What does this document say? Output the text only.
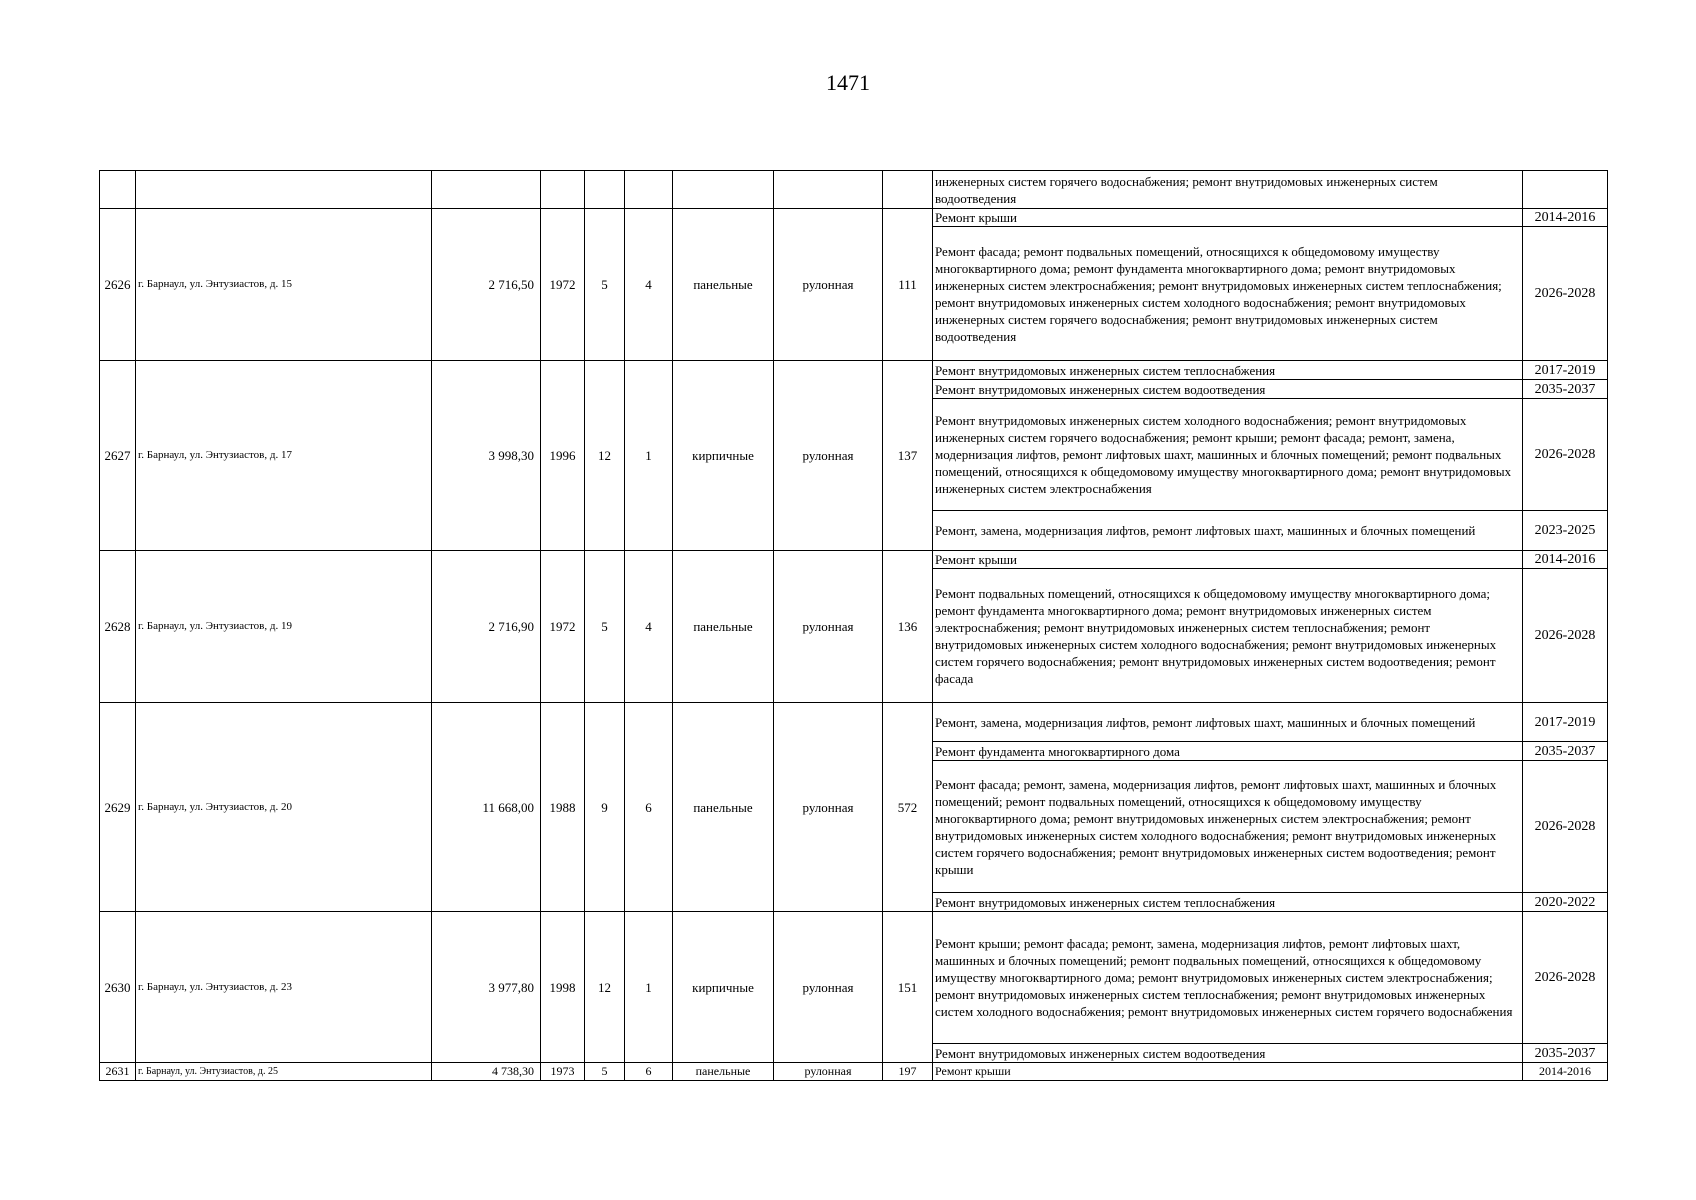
1471
									инженерных систем горячего водоснабжения; ремонт внутридомовых инженерных систем водоотведения	
2626	г. Барнаул, ул. Энтузиастов, д. 15	2 716,50	1972	5	4	панельные	рулонная	111	Ремонт крыши	2014-2016
									Ремонт фасада; ремонт подвальных помещений, относящихся к общедомовому имуществу многоквартирного дома; ремонт фундамента многоквартирного дома; ремонт внутридомовых инженерных систем электроснабжения; ремонт внутридомовых инженерных систем теплоснабжения; ремонт внутридомовых инженерных систем холодного водоснабжения; ремонт внутридомовых инженерных систем горячего водоснабжения; ремонт внутридомовых инженерных систем водоотведения	2026-2028
2627	г. Барнаул, ул. Энтузиастов, д. 17	3 998,30	1996	12	1	кирпичные	рулонная	137	Ремонт внутридомовых инженерных систем теплоснабжения	2017-2019
									Ремонт внутридомовых инженерных систем водоотведения	2035-2037
									Ремонт внутридомовых инженерных систем холодного водоснабжения; ремонт внутридомовых инженерных систем горячего водоснабжения; ремонт крыши; ремонт фасада; ремонт, замена, модернизация лифтов, ремонт лифтовых шахт, машинных и блочных помещений; ремонт подвальных помещений, относящихся к общедомовому имуществу многоквартирного дома; ремонт внутридомовых инженерных систем электроснабжения	2026-2028
									Ремонт, замена, модернизация лифтов, ремонт лифтовых шахт, машинных и блочных помещений	2023-2025
2628	г. Барнаул, ул. Энтузиастов, д. 19	2 716,90	1972	5	4	панельные	рулонная	136	Ремонт крыши	2014-2016
									Ремонт подвальных помещений, относящихся к общедомовому имуществу многоквартирного дома; ремонт фундамента многоквартирного дома; ремонт внутридомовых инженерных систем электроснабжения; ремонт внутридомовых инженерных систем теплоснабжения; ремонт внутридомовых инженерных систем холодного водоснабжения; ремонт внутридомовых инженерных систем горячего водоснабжения; ремонт внутридомовых инженерных систем водоотведения; ремонт фасада	2026-2028
2629	г. Барнаул, ул. Энтузиастов, д. 20	11 668,00	1988	9	6	панельные	рулонная	572	Ремонт, замена, модернизация лифтов, ремонт лифтовых шахт, машинных и блочных помещений	2017-2019
									Ремонт фундамента многоквартирного дома	2035-2037
									Ремонт фасада; ремонт, замена, модернизация лифтов, ремонт лифтовых шахт, машинных и блочных помещений; ремонт подвальных помещений, относящихся к общедомовому имуществу многоквартирного дома; ремонт внутридомовых инженерных систем электроснабжения; ремонт внутридомовых инженерных систем холодного водоснабжения; ремонт внутридомовых инженерных систем горячего водоснабжения; ремонт внутридомовых инженерных систем водоотведения; ремонт крыши	2026-2028
									Ремонт внутридомовых инженерных систем теплоснабжения	2020-2022
2630	г. Барнаул, ул. Энтузиастов, д. 23	3 977,80	1998	12	1	кирпичные	рулонная	151	Ремонт крыши; ремонт фасада; ремонт, замена, модернизация лифтов, ремонт лифтовых шахт, машинных и блочных помещений; ремонт подвальных помещений, относящихся к общедомовому имуществу многоквартирного дома; ремонт внутридомовых инженерных систем электроснабжения; ремонт внутридомовых инженерных систем теплоснабжения; ремонт внутридомовых инженерных систем холодного водоснабжения; ремонт внутридомовых инженерных систем горячего водоснабжения	2026-2028
									Ремонт внутридомовых инженерных систем водоотведения	2035-2037
2631	г. Барнаул, ул. Энтузиастов, д. 25	4 738,30	1973	5	6	панельные	рулонная	197	Ремонт крыши	2014-2016
